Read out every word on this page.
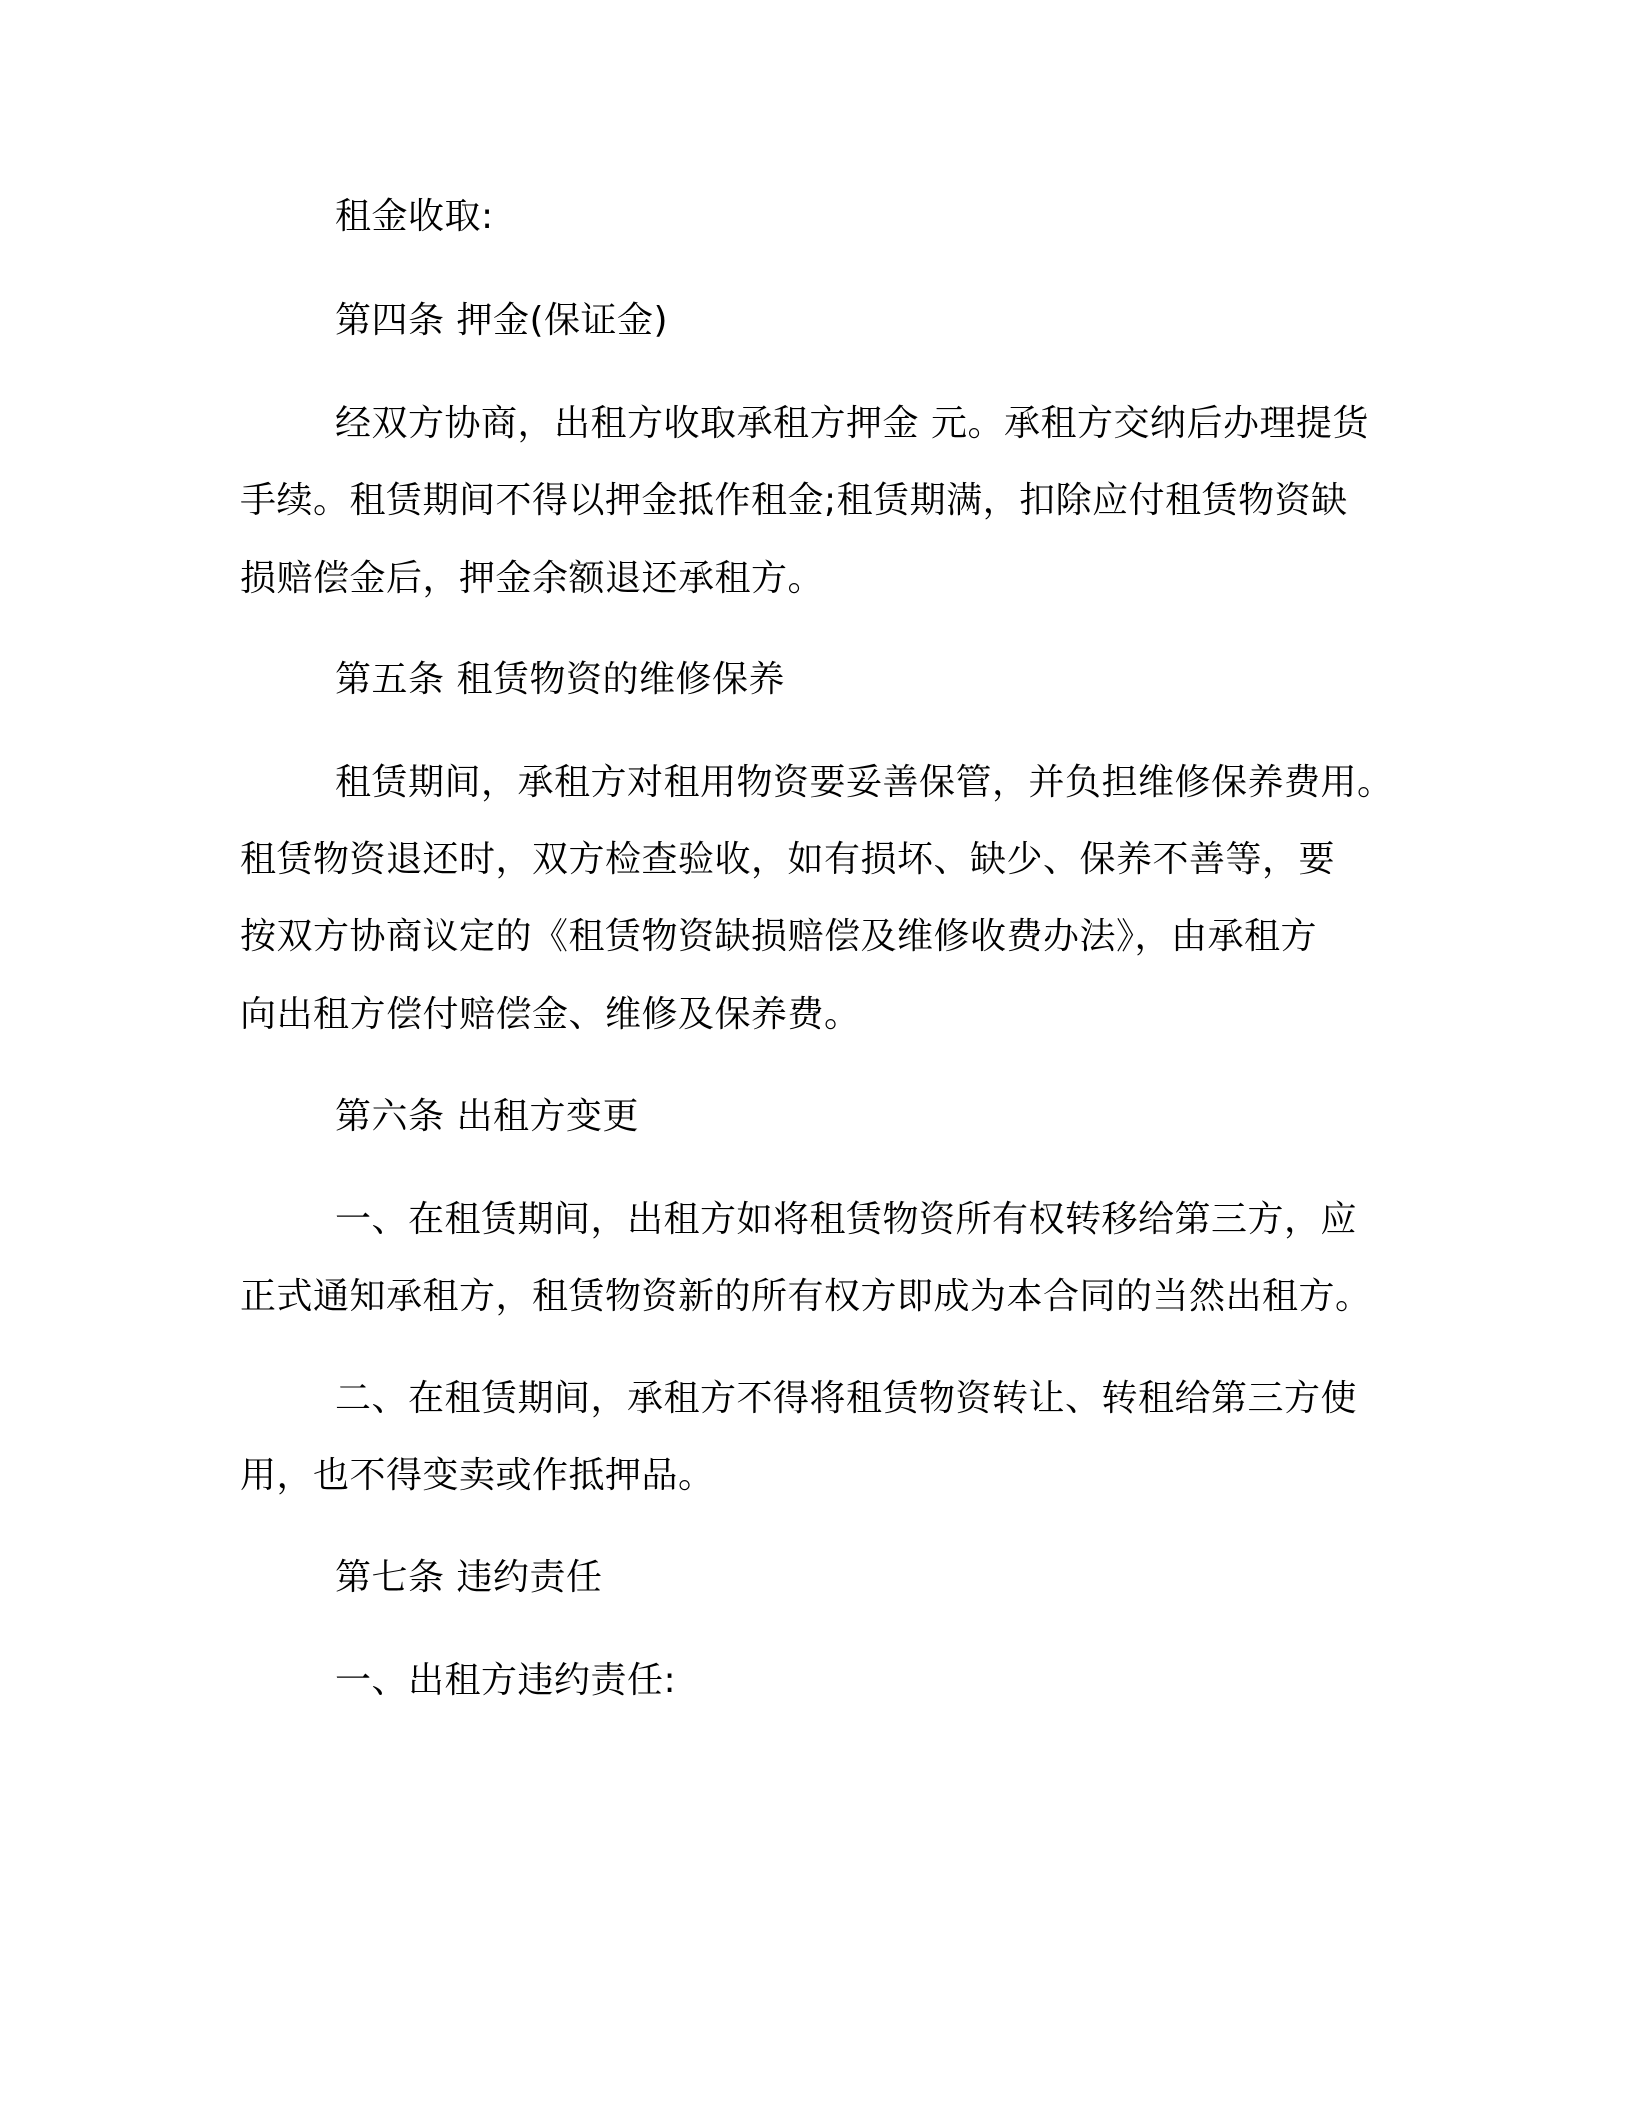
租金收取:
第四条 押金(保证金)
经双方协商，出租方收取承租方押金 元。承租方交纳后办理提货
手续。租赁期间不得以押金抵作租金;租赁期满，扣除应付租赁物资缺
损赔偿金后，押金余额退还承租方。
第五条 租赁物资的维修保养
租赁期间，承租方对租用物资要妥善保管，并负担维修保养费用。
租赁物资退还时，双方检查验收，如有损坏、缺少、保养不善等，要
按双方协商议定的《租赁物资缺损赔偿及维修收费办法》，由承租方
向出租方偿付赔偿金、维修及保养费。
第六条 出租方变更
一、在租赁期间，出租方如将租赁物资所有权转移给第三方，应
正式通知承租方，租赁物资新的所有权方即成为本合同的当然出租方。
二、在租赁期间，承租方不得将租赁物资转让、转租给第三方使
用，也不得变卖或作抵押品。
第七条 违约责任
一、出租方违约责任:
